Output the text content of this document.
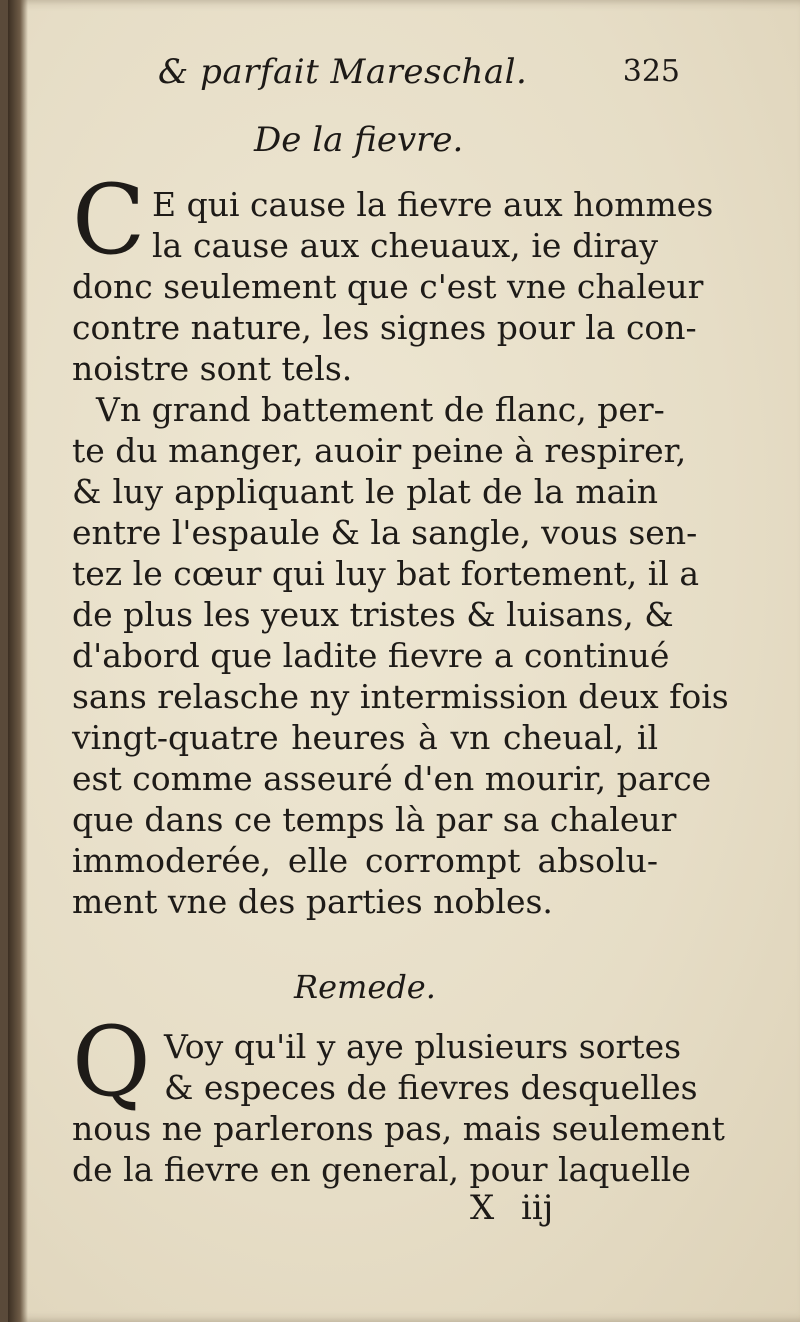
& parfait Mareschal.	325
De la fievre.
C E qui cause la fievre aux hommes
la cause aux cheuaux, ie diray
donc seulement que c'est vne chaleur
contre nature, les signes pour la con-
noistre sont tels.
Vn grand battement de flanc, per-
te du manger, auoir peine à respirer,
& luy appliquant le plat de la main
entre l'espaule & la sangle, vous sen-
tez le cœur qui luy bat fortement, il a
de plus les yeux tristes & luisans, &
d'abord que ladite fievre a continué
sans relasche ny intermission deux fois
vingt-quatre heures à vn cheual, il
est comme asseuré d'en mourir, parce
que dans ce temps là par sa chaleur
immoderée, elle corrompt absolu-
ment vne des parties nobles.
Remede.
Q Voy qu'il y aye plusieurs sortes
& especes de fievres desquelles
nous ne parlerons pas, mais seulement
de la fievre en general, pour laquelle
X iij
